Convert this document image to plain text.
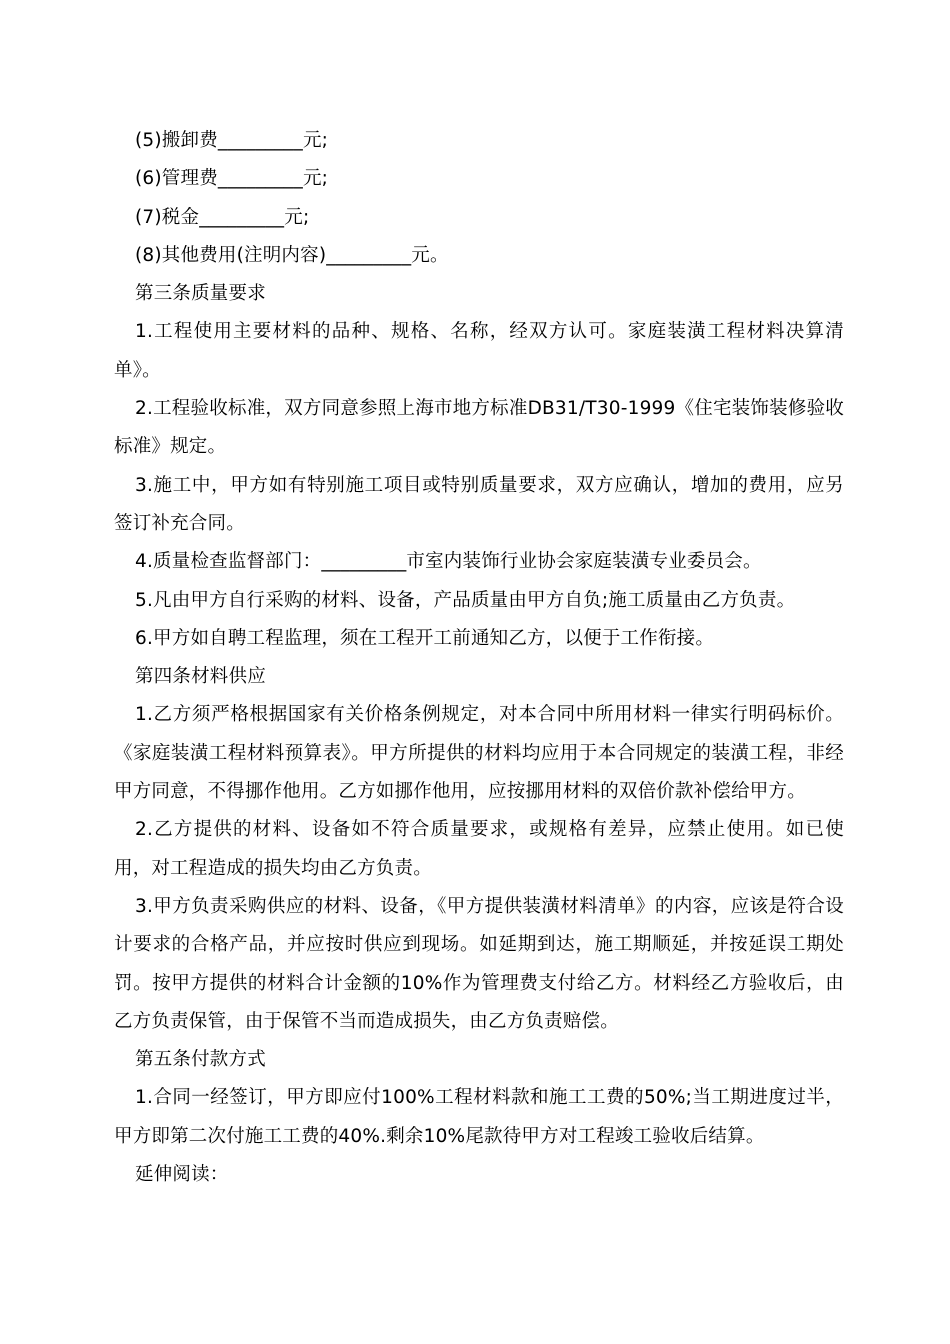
(5)搬卸费_________元;

(6)管理费_________元;

(7)税金_________元;

(8)其他费用(注明内容)_________元。

第三条质量要求

1.工程使用主要材料的品种、规格、名称，经双方认可。家庭装潢工程材料决算清单》。

2.工程验收标准，双方同意参照上海市地方标准DB31/T30-1999《住宅装饰装修验收标准》规定。

3.施工中，甲方如有特别施工项目或特别质量要求，双方应确认，增加的费用，应另签订补充合同。

4.质量检查监督部门：_________市室内装饰行业协会家庭装潢专业委员会。

5.凡由甲方自行采购的材料、设备，产品质量由甲方自负;施工质量由乙方负责。

6.甲方如自聘工程监理，须在工程开工前通知乙方，以便于工作衔接。

第四条材料供应

1.乙方须严格根据国家有关价格条例规定，对本合同中所用材料一律实行明码标价。《家庭装潢工程材料预算表》。甲方所提供的材料均应用于本合同规定的装潢工程，非经甲方同意，不得挪作他用。乙方如挪作他用，应按挪用材料的双倍价款补偿给甲方。

2.乙方提供的材料、设备如不符合质量要求，或规格有差异，应禁止使用。如已使用，对工程造成的损失均由乙方负责。

3.甲方负责采购供应的材料、设备，《甲方提供装潢材料清单》的内容，应该是符合设计要求的合格产品，并应按时供应到现场。如延期到达，施工期顺延，并按延误工期处罚。按甲方提供的材料合计金额的10%作为管理费支付给乙方。材料经乙方验收后，由乙方负责保管，由于保管不当而造成损失，由乙方负责赔偿。

第五条付款方式

1.合同一经签订，甲方即应付100%工程材料款和施工工费的50%;当工期进度过半，甲方即第二次付施工工费的40%.剩余10%尾款待甲方对工程竣工验收后结算。

延伸阅读：
